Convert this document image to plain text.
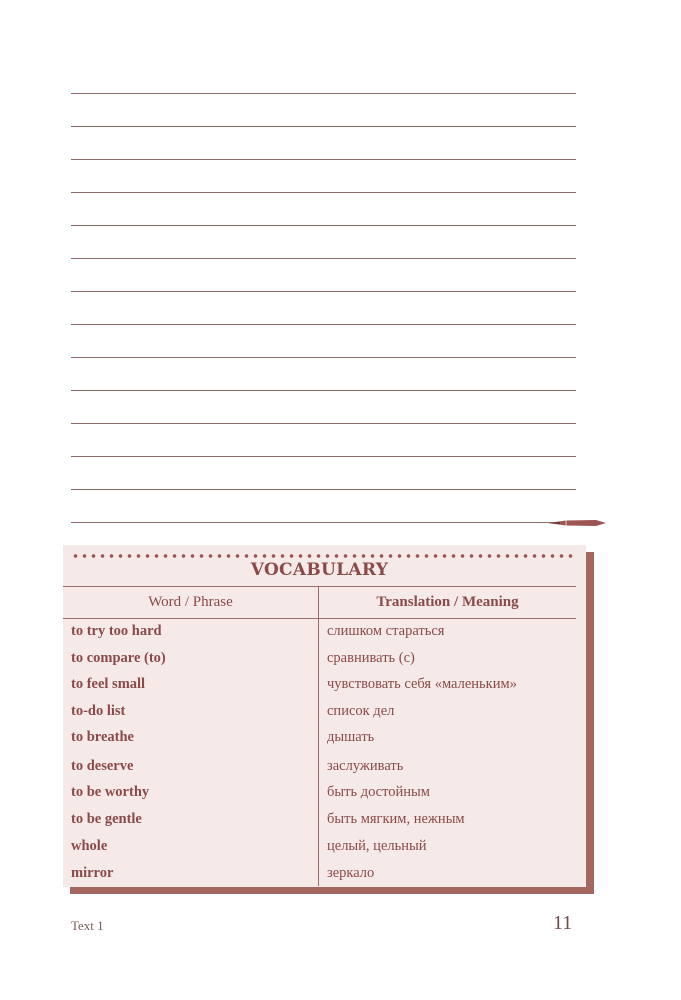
VOCABULARY
Word / Phrase	Translation / Meaning
to try too hard	слишком стараться
to compare (to)	сравнивать (с)
to feel small	чувствовать себя «маленьким»
to-do list	список дел
to breathe	дышать
to deserve	заслуживать
to be worthy	быть достойным
to be gentle	быть мягким, нежным
whole	целый, цельный
mirror	зеркало
Text 1	11
